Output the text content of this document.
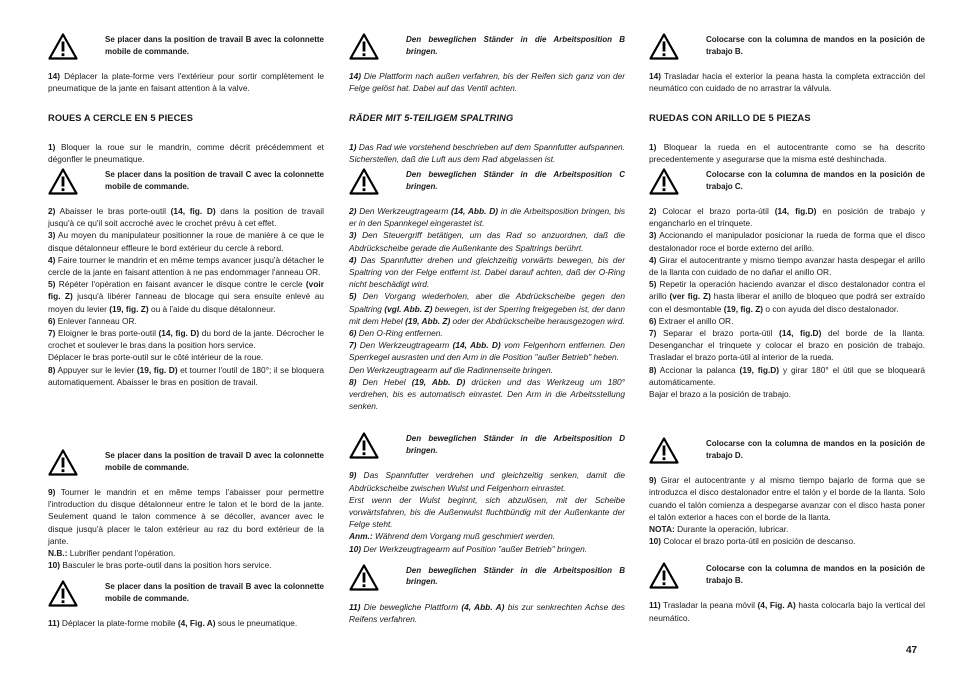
Se placer dans la position de travail B avec la colonnette mobile de commande.

14) Déplacer la plate-forme vers l'extérieur pour sortir complètement le pneumatique de la jante en faisant attention à la valve.

ROUES A CERCLE EN 5 PIECES

1) Bloquer la roue sur le mandrin, comme décrit précédemment et dégonfler le pneumatique.

Se placer dans la position de travail C avec la colonnette mobile de commande.

2) Abaisser le bras porte-outil (14, fig. D) dans la position de travail jusqu'à ce qu'il soit accroché avec le crochet prévu à cet effet.

3) Au moyen du manipulateur positionner la roue de manière à ce que le disque détalonneur effleure le bord extérieur du cercle à rebord.

4) Faire tourner le mandrin et en même temps avancer jusqu'à détacher le cercle de la jante en faisant attention à ne pas endommager l'anneau OR.

5) Répéter l'opération en faisant avancer le disque contre le cercle (voir fig. Z) jusqu'à libérer l'anneau de blocage qui sera ensuite enlevé au moyen du levier (19, fig. Z) ou à l'aide du disque détalonneur.

6) Enlever l'anneau OR.

7) Eloigner le bras porte-outil (14, fig. D) du bord de la jante. Décrocher le crochet et soulever le bras dans la position hors service.

Déplacer le bras porte-outil sur le côté intérieur de la roue.

8) Appuyer sur le levier (19, fig. D) et tourner l'outil de 180°; il se bloquera automatiquement. Abaisser le bras en position de travail.

Se placer dans la position de travail D avec la colonnette mobile de commande.

9) Tourner le mandrin et en même temps l'abaisser pour permettre l'introduction du disque détalonneur entre le talon et le bord de la jante. Seulement quand le talon commence à se décoller, avancer avec le disque jusqu'à placer le talon extérieur au raz du bord extérieur de la jante.

N.B.: Lubrifier pendant l'opération.

10) Basculer le bras porte-outil dans la position hors service.

Se placer dans la position de travail B avec la colonnette mobile de commande.

11) Déplacer la plate-forme mobile (4, Fig. A) sous le pneumatique.

Den beweglichen Ständer in die Arbeitsposition B bringen.

14) Die Plattform nach außen verfahren, bis der Reifen sich ganz von der Felge gelöst hat. Dabei auf das Ventil achten.

RÄDER MIT 5-TEILIGEM SPALTRING

1) Das Rad wie vorstehend beschrieben auf dem Spannfutter aufspannen. Sicherstellen, daß die Luft aus dem Rad abgelassen ist.

Den beweglichen Ständer in die Arbeitsposition C bringen.

2) Den Werkzeugtragearm (14, Abb. D) in die Arbeitsposition bringen, bis er in den Spannkegel eingerastet ist.

3) Den Steuergriff betätigen, um das Rad so anzuordnen, daß die Abdrückscheibe gerade die Außenkante des Spaltrings berührt.

4) Das Spannfutter drehen und gleichzeitig vorwärts bewegen, bis der Spaltring von der Felge entfernt ist. Dabei darauf achten, daß der O-Ring nicht beschädigt wird.

5) Den Vorgang wiederholen, aber die Abdrückscheibe gegen den Spaltring (vgl. Abb. Z) bewegen, ist der Sperring freigegeben ist, der dann mit dem Hebel (19, Abb. Z) oder der Abdrückscheibe herausgezogen wird.

6) Den O-Ring entfernen.

7) Den Werkzeugtragearm (14, Abb. D) vom Felgenhorn entfernen. Den Sperrkegel ausrasten und den Arm in die Position "außer Betrieb" heben.

Den Werkzeugtragearm auf die Radinnenseite bringen.

8) Den Hebel (19, Abb. D) drücken und das Werkzeug um 180° verdrehen, bis es automatisch einrastet. Den Arm in die Arbeitsstellung senken.

Den beweglichen Ständer in die Arbeitsposition D bringen.

9) Das Spannfutter verdrehen und gleichzeitig senken, damit die Abdrückscheibe zwischen Wulst und Felgenhorn einrastet.

Erst wenn der Wulst beginnt, sich abzulösen, mit der Scheibe vorwärtsfahren, bis die Außenwulst fluchtbündig mit der Außenkante der Felge steht.

Anm.: Während dem Vorgang muß geschmiert werden.

10) Der Werkzeugtragearm auf Position "außer Betrieb" bringen.

Den beweglichen Ständer in die Arbeitsposition B bringen.

11) Die bewegliche Plattform (4, Abb. A) bis zur senkrechten Achse des Reifens verfahren.

Colocarse con la columna de mandos en la posición de trabajo B.

14) Trasladar hacia el exterior la peana hasta la completa extracción del neumático con cuidado de no arrastrar la válvula.

RUEDAS CON ARILLO DE 5 PIEZAS

1) Bloquear la rueda en el autocentrante como se ha descrito precedentemente y asegurarse que la misma esté deshinchada.

Colocarse con la columna de mandos en la posición de trabajo C.

2) Colocar el brazo porta-útil (14, fig.D) en posición de trabajo y engancharlo en el trinquete.

3) Accionando el manipulador posicionar la rueda de forma que el disco destalonador roce el borde externo del arillo.

4) Girar el autocentrante y mismo tiempo avanzar hasta despegar el arillo de la llanta con cuidado de no dañar el anillo OR.

5) Repetir la operación haciendo avanzar el disco destalonador contra el arillo (ver fig. Z) hasta liberar el anillo de bloqueo que podrá ser extraído con el desmontable (19, fig. Z) o con ayuda del disco destalonador.

6) Extraer el anillo OR.

7) Separar el brazo porta-útil (14, fig.D) del borde de la llanta. Desenganchar el trinquete y colocar el brazo en posición de trabajo. Trasladar el brazo porta-útil al interior de la rueda.

8) Accionar la palanca (19, fig.D) y girar 180° el útil que se bloqueará automáticamente.

Bajar el brazo a la posición de trabajo.

Colocarse con la columna de mandos en la posición de trabajo D.

9) Girar el autocentrante y al mismo tiempo bajarlo de forma que se introduzca el disco destalonador entre el talón y el borde de la llanta. Solo cuando el talón comienza a despegarse avanzar con el disco hasta poner el talón exterior a haces con el borde de la llanta.

NOTA: Durante la operación, lubricar.

10) Colocar el brazo porta-útil en posición de descanso.

Colocarse con la columna de mandos en la posición de trabajo B.

11) Trasladar la peana móvil (4, Fig. A) hasta colocarla bajo la vertical del neumático.

47
